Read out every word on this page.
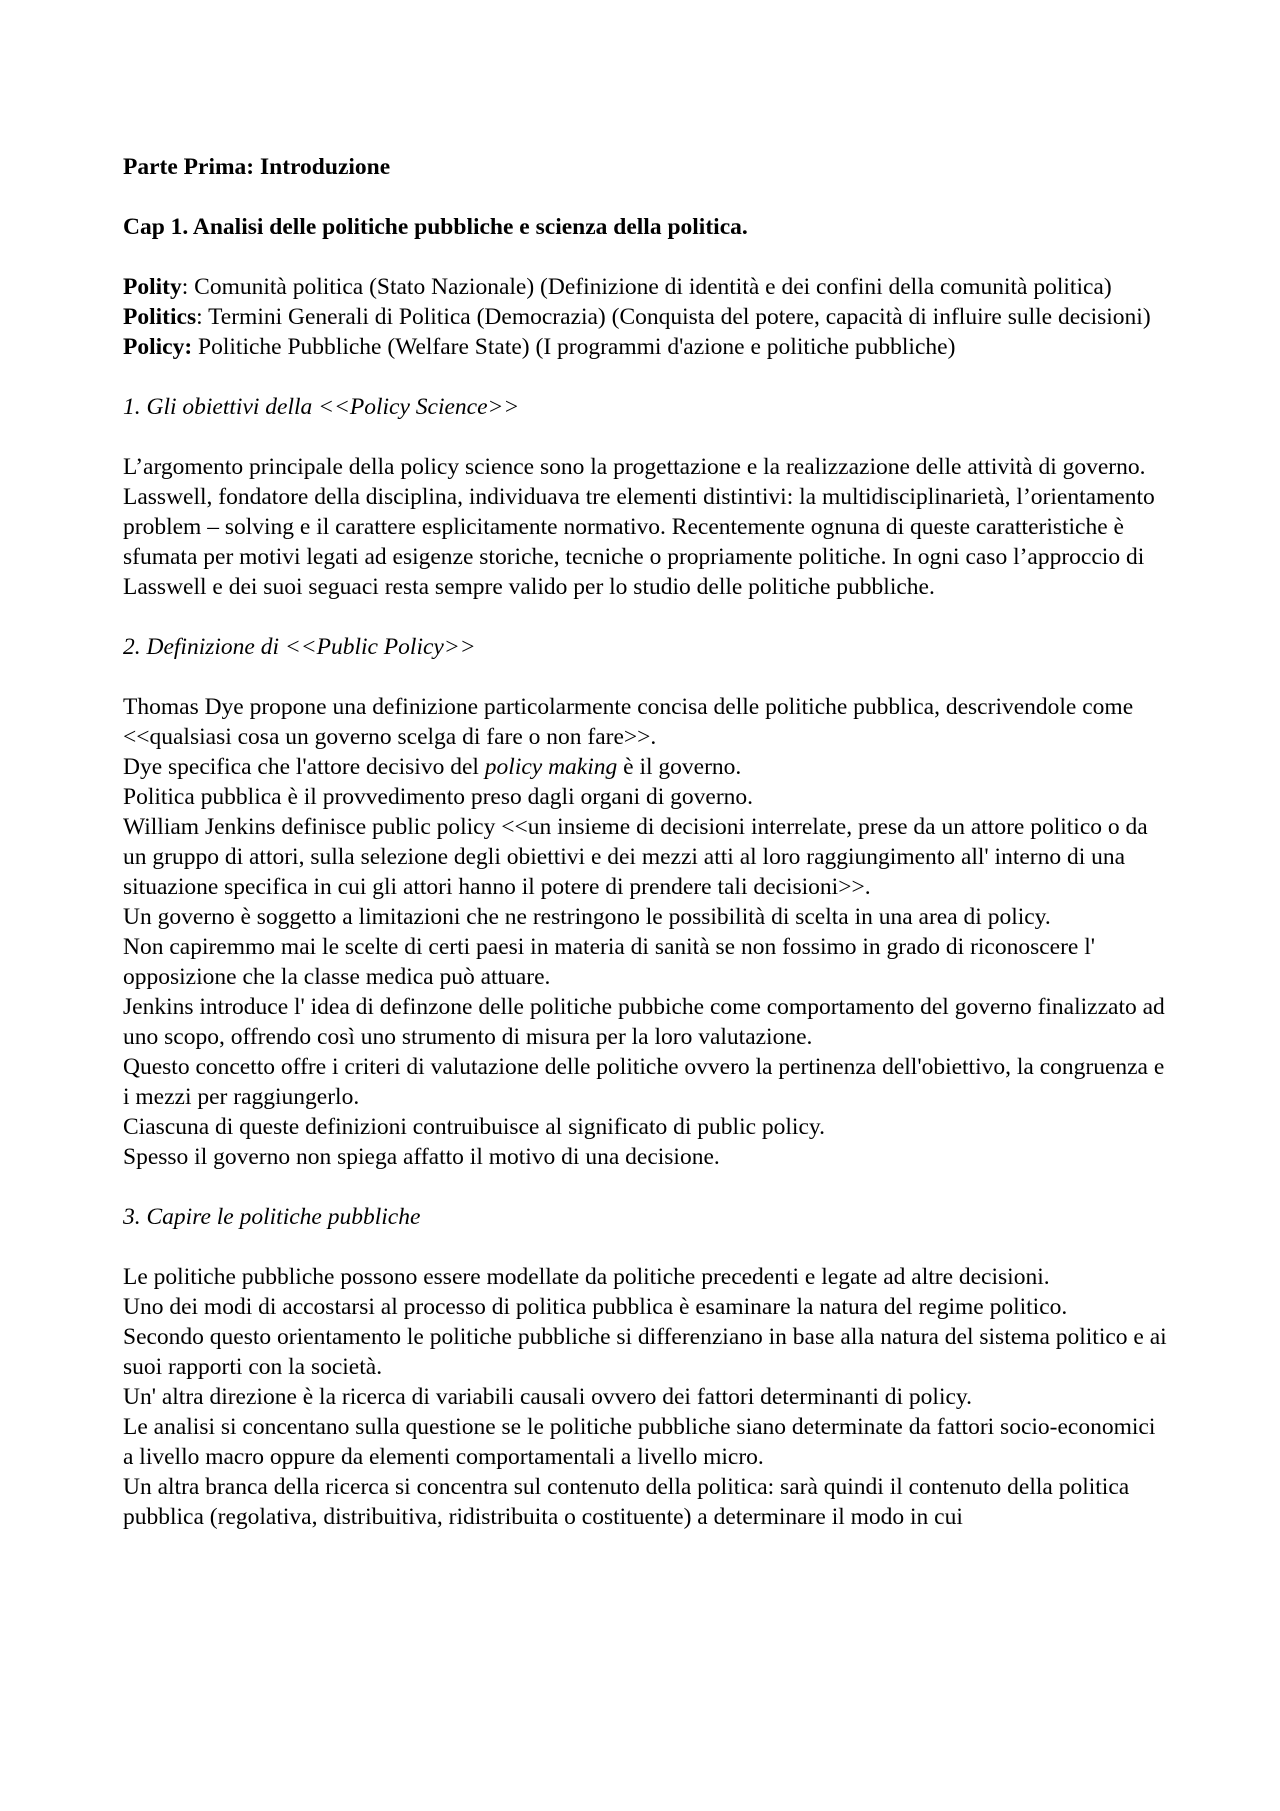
Parte Prima: Introduzione

Cap 1. Analisi delle politiche pubbliche e scienza della politica.

Polity: Comunità politica (Stato Nazionale) (Definizione di identità e dei confini della comunità politica)

Politics: Termini Generali di Politica (Democrazia) (Conquista del potere, capacità di influire sulle decisioni)

Policy: Politiche Pubbliche (Welfare State) (I programmi d'azione e politiche pubbliche)

1. Gli obiettivi della <<Policy Science>>

L’argomento principale della policy science sono la progettazione e la realizzazione delle attività di governo. Lasswell, fondatore della disciplina, individuava tre elementi distintivi: la multidisciplinarietà, l’orientamento problem – solving e il carattere esplicitamente normativo. Recentemente ognuna di queste caratteristiche è sfumata per motivi legati ad esigenze storiche, tecniche o propriamente politiche. In ogni caso l’approccio di Lasswell e dei suoi seguaci resta sempre valido per lo studio delle politiche pubbliche.

2. Definizione di <<Public Policy>>

Thomas Dye propone una definizione particolarmente concisa delle politiche pubblica, descrivendole come <<qualsiasi cosa un governo scelga di fare o non fare>>.

Dye specifica che l'attore decisivo del policy making è il governo.

Politica pubblica è il provvedimento preso dagli organi di governo.

William Jenkins definisce public policy <<un insieme di decisioni interrelate, prese da un attore politico o da un gruppo di attori, sulla selezione degli obiettivi e dei mezzi atti al loro raggiungimento all' interno di una situazione specifica in cui gli attori hanno il potere di prendere tali decisioni>>.

Un governo è soggetto a limitazioni che ne restringono le possibilità di scelta in una area di policy.

Non capiremmo mai le scelte di certi paesi in materia di sanità se non fossimo in grado di riconoscere l' opposizione che la classe medica può attuare.

Jenkins introduce l' idea di definzone delle politiche pubbiche come comportamento del governo finalizzato ad uno scopo, offrendo così uno strumento di misura per la loro valutazione.

Questo concetto offre i criteri di valutazione delle politiche ovvero la pertinenza dell'obiettivo, la congruenza e i mezzi per raggiungerlo.

Ciascuna di queste definizioni contruibuisce al significato di public policy.

Spesso il governo non spiega affatto il motivo di una decisione.

3. Capire le politiche pubbliche

Le politiche pubbliche possono essere modellate da politiche precedenti e legate ad altre decisioni.

Uno dei modi di accostarsi al processo di politica pubblica è esaminare la natura del regime politico.

Secondo questo orientamento le politiche pubbliche si differenziano in base alla natura del sistema politico e ai suoi rapporti con la società.

Un' altra direzione è la ricerca di variabili causali ovvero dei fattori determinanti di policy.

Le analisi si concentano sulla questione se le politiche pubbliche siano determinate da fattori socio-economici a livello macro oppure da elementi comportamentali a livello micro.

Un altra branca della ricerca si concentra sul contenuto della politica: sarà quindi il contenuto della politica pubblica (regolativa, distribuitiva, ridistribuita o costituente) a determinare il modo in cui
